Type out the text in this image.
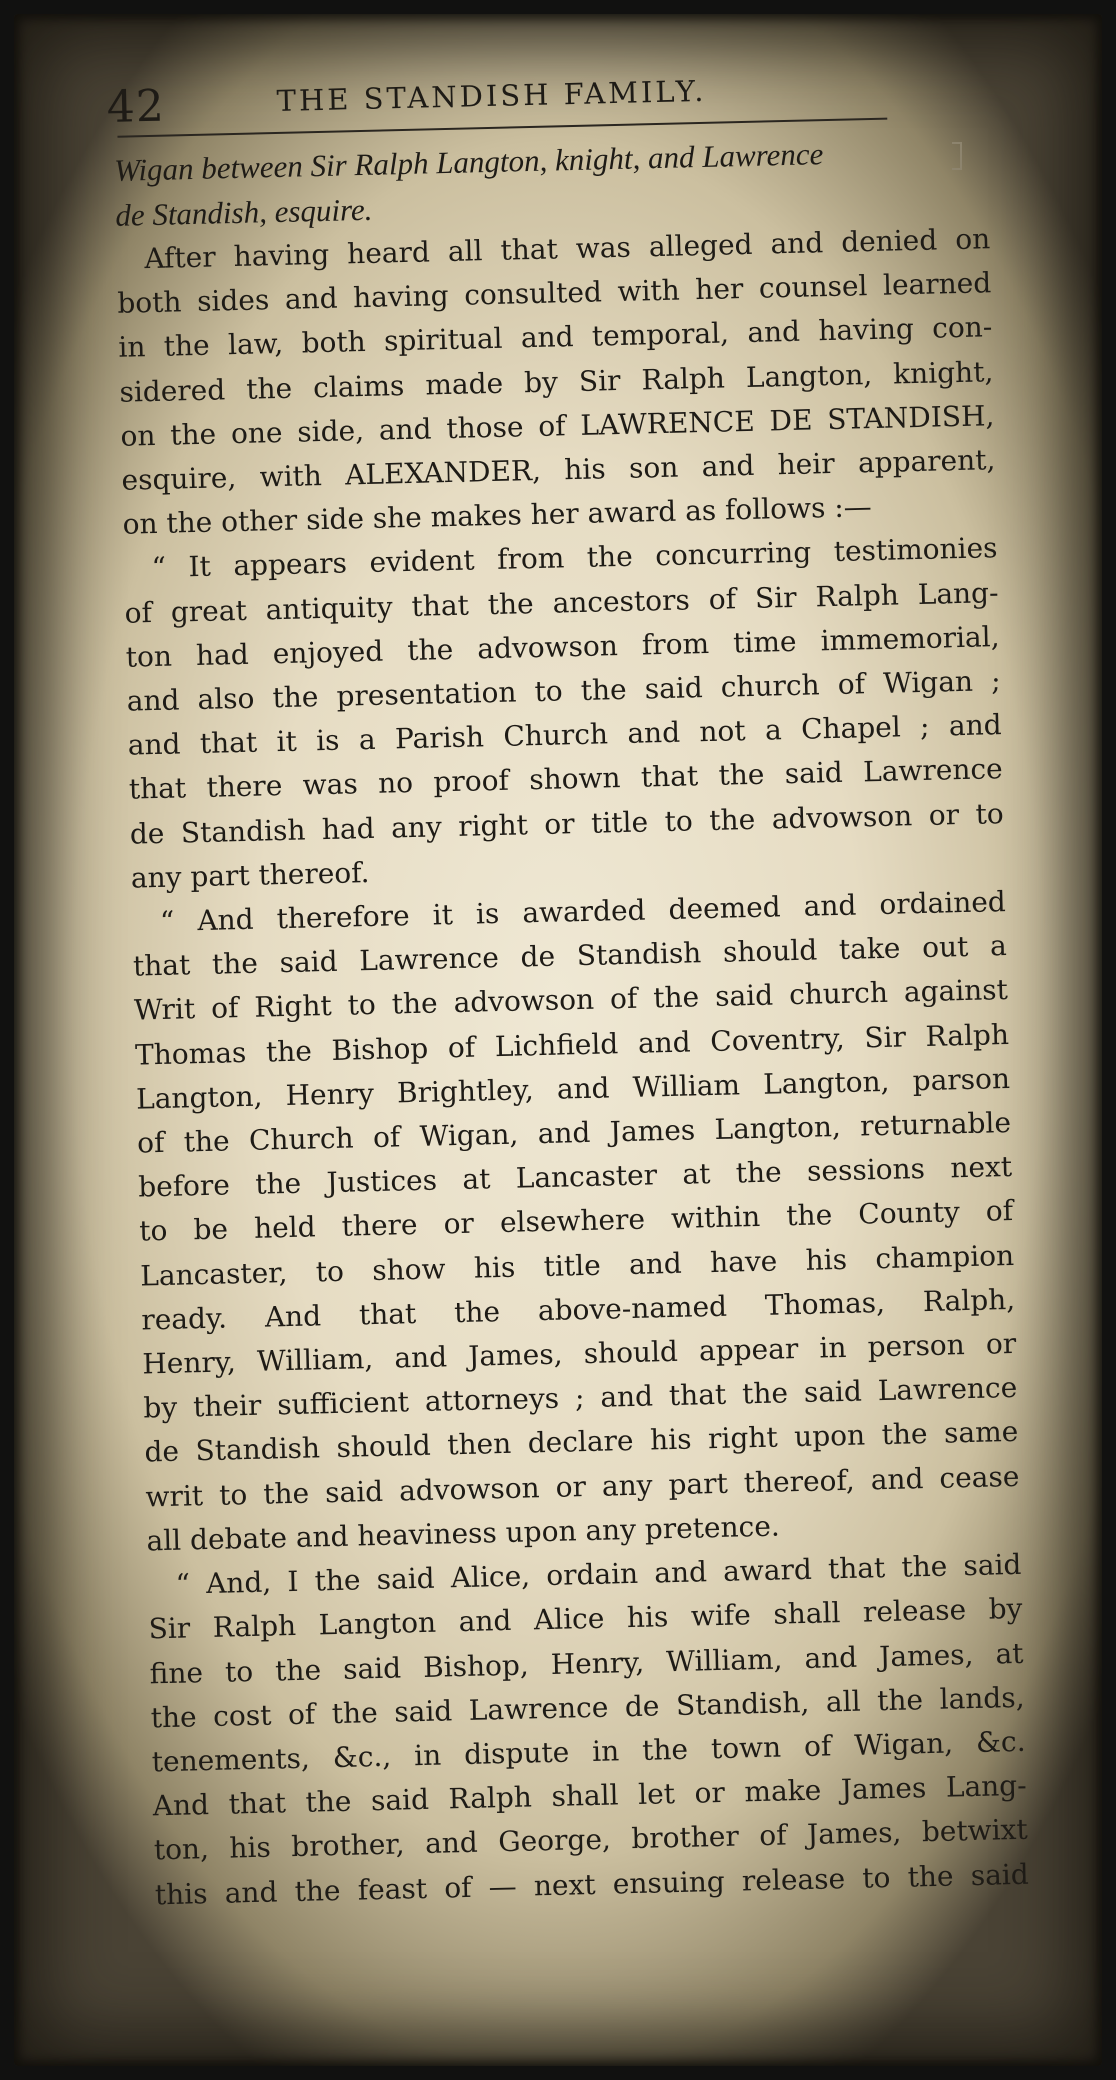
42	THE STANDISH FAMILY.
Wigan between Sir Ralph Langton, knight, and Lawrence
de Standish, esquire.
After having heard all that was alleged and denied on
both sides and having consulted with her counsel learned
in the law, both spiritual and temporal, and having con-
sidered the claims made by Sir Ralph Langton, knight,
on the one side, and those of LAWRENCE DE STANDISH,
esquire, with ALEXANDER, his son and heir apparent,
on the other side she makes her award as follows :—
“ It appears evident from the concurring testimonies
of great antiquity that the ancestors of Sir Ralph Lang-
ton had enjoyed the advowson from time immemorial,
and also the presentation to the said church of Wigan ;
and that it is a Parish Church and not a Chapel ; and
that there was no proof shown that the said Lawrence
de Standish had any right or title to the advowson or to
any part thereof.
“ And therefore it is awarded deemed and ordained
that the said Lawrence de Standish should take out a
Writ of Right to the advowson of the said church against
Thomas the Bishop of Lichfield and Coventry, Sir Ralph
Langton, Henry Brightley, and William Langton, parson
of the Church of Wigan, and James Langton, returnable
before the Justices at Lancaster at the sessions next
to be held there or elsewhere within the County of
Lancaster, to show his title and have his champion
ready. And that the above-named Thomas, Ralph,
Henry, William, and James, should appear in person or
by their sufficient attorneys ; and that the said Lawrence
de Standish should then declare his right upon the same
writ to the said advowson or any part thereof, and cease
all debate and heaviness upon any pretence.
“ And, I the said Alice, ordain and award that the said
Sir Ralph Langton and Alice his wife shall release by
fine to the said Bishop, Henry, William, and James, at
the cost of the said Lawrence de Standish, all the lands,
tenements, &c., in dispute in the town of Wigan, &c.
And that the said Ralph shall let or make James Lang-
ton, his brother, and George, brother of James, betwixt
this and the feast of — next ensuing release to the said
